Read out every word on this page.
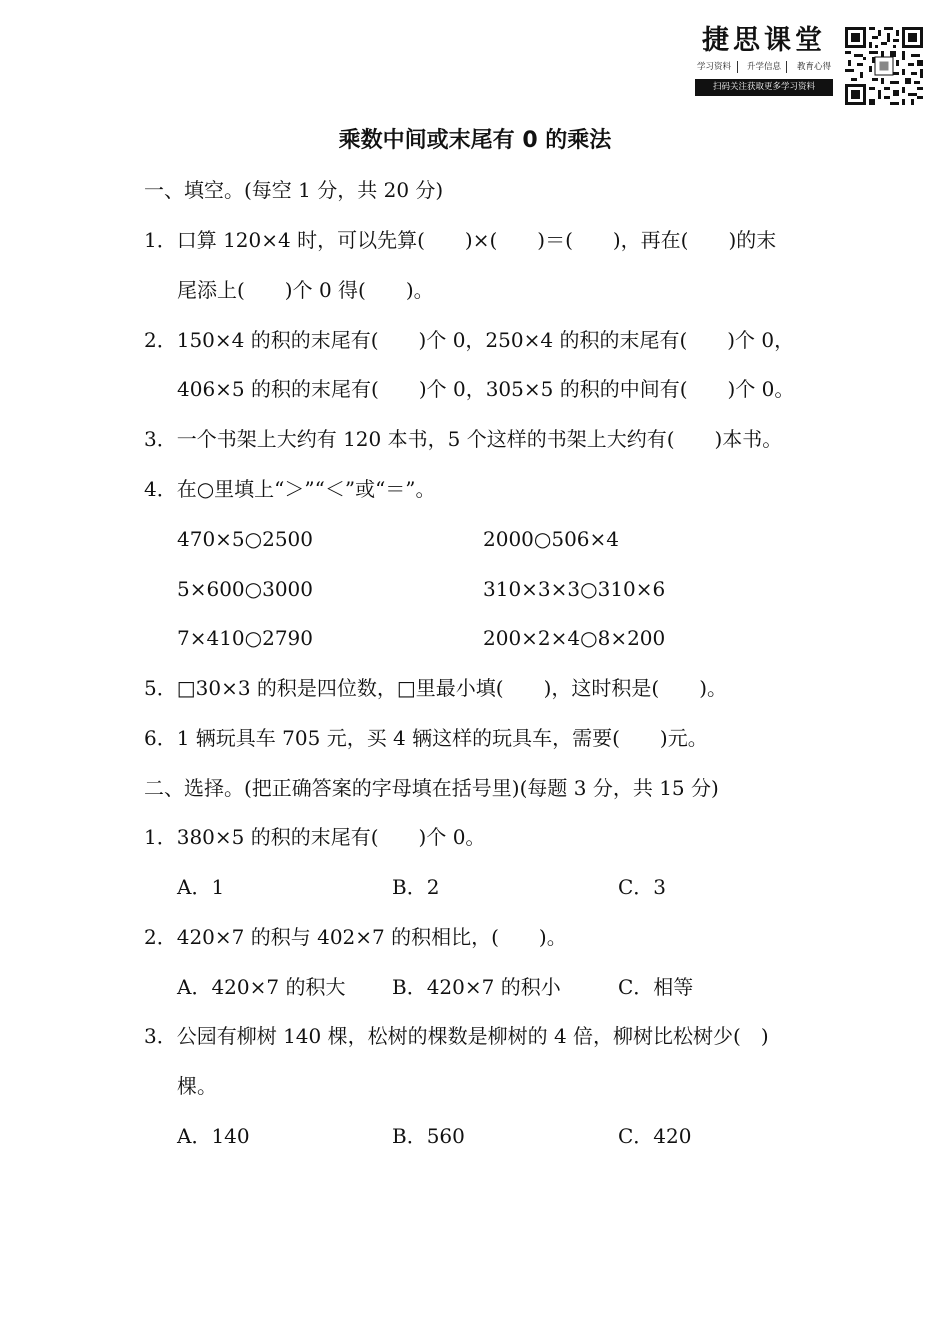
捷思课堂
学习资料 升学信息 教育心得
扫码关注获取更多学习资料
乘数中间或末尾有 0 的乘法
一、填空。(每空 1 分，共 20 分)
1．口算 120×4 时，可以先算(　　)×(　　)＝(　　)，再在(　　)的末
尾添上(　　)个 0 得(　　)。
2．150×4 的积的末尾有(　　)个 0，250×4 的积的末尾有(　　)个 0，
406×5 的积的末尾有(　　)个 0，305×5 的积的中间有(　　)个 0。
3．一个书架上大约有 120 本书，5 个这样的书架上大约有(　　)本书。
4．在○里填上“＞”“＜”或“＝”。
470×5○2500	2000○506×4
5×600○3000	310×3×3○310×6
7×410○2790	200×2×4○8×200
5．□30×3 的积是四位数，□里最小填(　　)，这时积是(　　)。
6．1 辆玩具车 705 元，买 4 辆这样的玩具车，需要(　　)元。
二、选择。(把正确答案的字母填在括号里)(每题 3 分，共 15 分)
1．380×5 的积的末尾有(　　)个 0。
A．1	B．2	C．3
2．420×7 的积与 402×7 的积相比，(　　)。
A．420×7 的积大 B．420×7 的积小	C．相等
3．公园有柳树 140 棵，松树的棵数是柳树的 4 倍，柳树比松树少(　)
棵。
A．140	B．560	C．420
